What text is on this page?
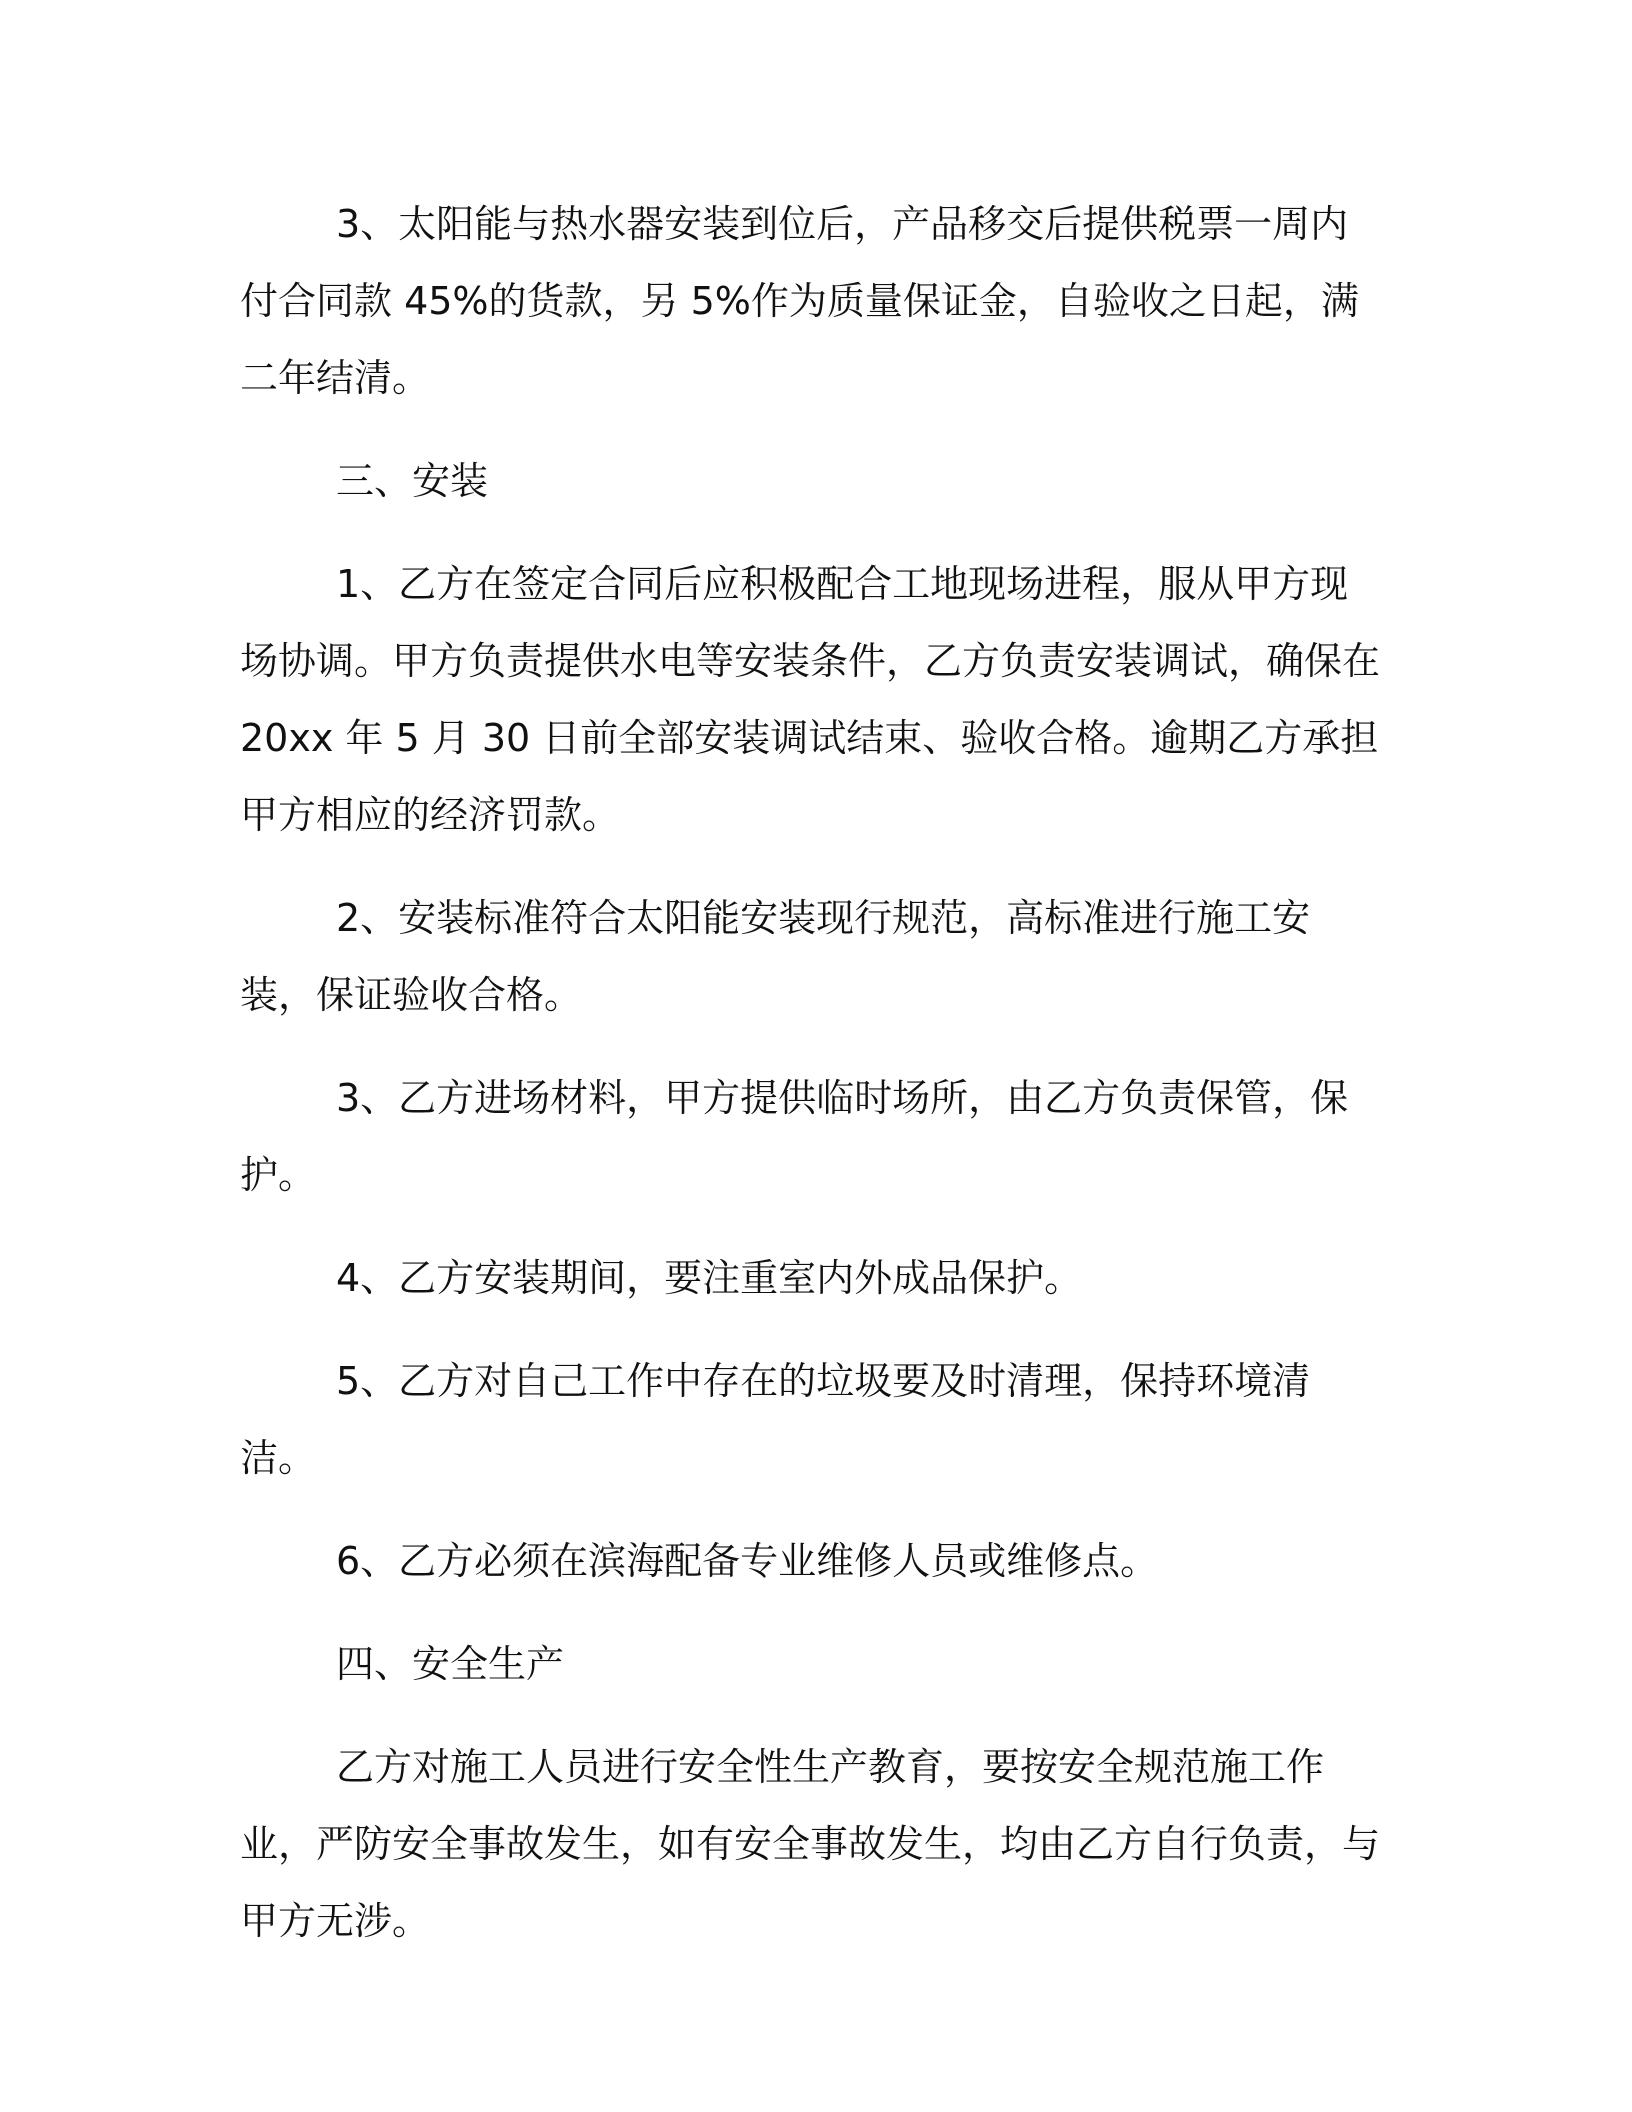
3、太阳能与热水器安装到位后，产品移交后提供税票一周内付合同款 45%的货款，另 5%作为质量保证金，自验收之日起，满二年结清。

三、安装

1、乙方在签定合同后应积极配合工地现场进程，服从甲方现场协调。甲方负责提供水电等安装条件，乙方负责安装调试，确保在 20xx 年 5 月 30 日前全部安装调试结束、验收合格。逾期乙方承担甲方相应的经济罚款。

2、安装标准符合太阳能安装现行规范，高标准进行施工安装，保证验收合格。

3、乙方进场材料，甲方提供临时场所，由乙方负责保管，保护。

4、乙方安装期间，要注重室内外成品保护。

5、乙方对自己工作中存在的垃圾要及时清理，保持环境清洁。

6、乙方必须在滨海配备专业维修人员或维修点。

四、安全生产

乙方对施工人员进行安全性生产教育，要按安全规范施工作业，严防安全事故发生，如有安全事故发生，均由乙方自行负责，与甲方无涉。
